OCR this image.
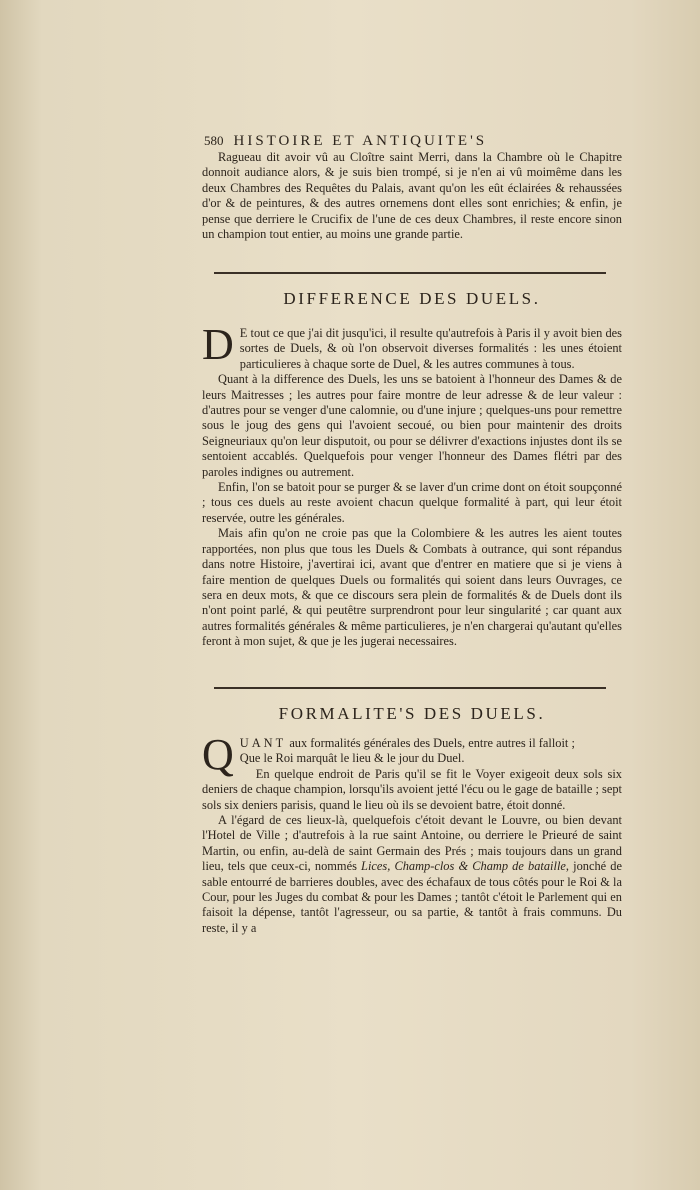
580 HISTOIRE ET ANTIQUITE'S

Ragueau dit avoir vû au Cloître saint Merri, dans la Chambre où le Chapitre donnoit audiance alors, & je suis bien trompé, si je n'en ai vû moimême dans les deux Chambres des Requêtes du Palais, avant qu'on les eût éclairées & rehaussées d'or & de peintures, & des autres ornemens dont elles sont enrichies; & enfin, je pense que derriere le Crucifix de l'une de ces deux Chambres, il reste encore sinon un champion tout entier, au moins une grande partie.

DIFFERENCE DES DUELS.

D E tout ce que j'ai dit jusqu'ici, il resulte qu'autrefois à Paris il y avoit bien des sortes de Duels, & où l'on observoit diverses formalités : les unes étoient particulieres à chaque sorte de Duel, & les autres communes à tous.

Quant à la difference des Duels, les uns se batoient à l'honneur des Dames & de leurs Maitresses ; les autres pour faire montre de leur adresse & de leur valeur : d'autres pour se venger d'une calomnie, ou d'une injure ; quelques-uns pour remettre sous le joug des gens qui l'avoient secoué, ou bien pour maintenir des droits Seigneuriaux qu'on leur disputoit, ou pour se délivrer d'exactions injustes dont ils se sentoient accablés. Quelquefois pour venger l'honneur des Dames flétri par des paroles indignes ou autrement.

Enfin, l'on se batoit pour se purger & se laver d'un crime dont on étoit soupçonné ; tous ces duels au reste avoient chacun quelque formalité à part, qui leur étoit reservée, outre les générales.

Mais afin qu'on ne croie pas que la Colombiere & les autres les aient toutes rapportées, non plus que tous les Duels & Combats à outrance, qui sont répandus dans notre Histoire, j'avertirai ici, avant que d'entrer en matiere que si je viens à faire mention de quelques Duels ou formalités qui soient dans leurs Ouvrages, ce sera en deux mots, & que ce discours sera plein de formalités & de Duels dont ils n'ont point parlé, & qui peutêtre surprendront pour leur singularité ; car quant aux autres formalités générales & même particulieres, je n'en chargerai qu'autant qu'elles feront à mon sujet, & que je les jugerai necessaires.

FORMALITE'S DES DUELS.

QUANT aux formalités générales des Duels, entre autres il falloit ;

Que le Roi marquât le lieu & le jour du Duel.

En quelque endroit de Paris qu'il se fit le Voyer exigeoit deux sols six deniers de chaque champion, lorsqu'ils avoient jetté l'écu ou le gage de bataille ; sept sols six deniers parisis, quand le lieu où ils se devoient batre, étoit donné.

A l'égard de ces lieux-là, quelquefois c'étoit devant le Louvre, ou bien devant l'Hotel de Ville ; d'autrefois à la rue saint Antoine, ou derriere le Prieuré de saint Martin, ou enfin, au-delà de saint Germain des Prés ; mais toujours dans un grand lieu, tels que ceux-ci, nommés Lices, Champ-clos & Champ de bataille, jonché de sable entourré de barrieres doubles, avec des échafaux de tous côtés pour le Roi & la Cour, pour les Juges du combat & pour les Dames ; tantôt c'étoit le Parlement qui en faisoit la dépense, tantôt l'agresseur, ou sa partie, & tantôt à frais communs. Du reste, il y a
